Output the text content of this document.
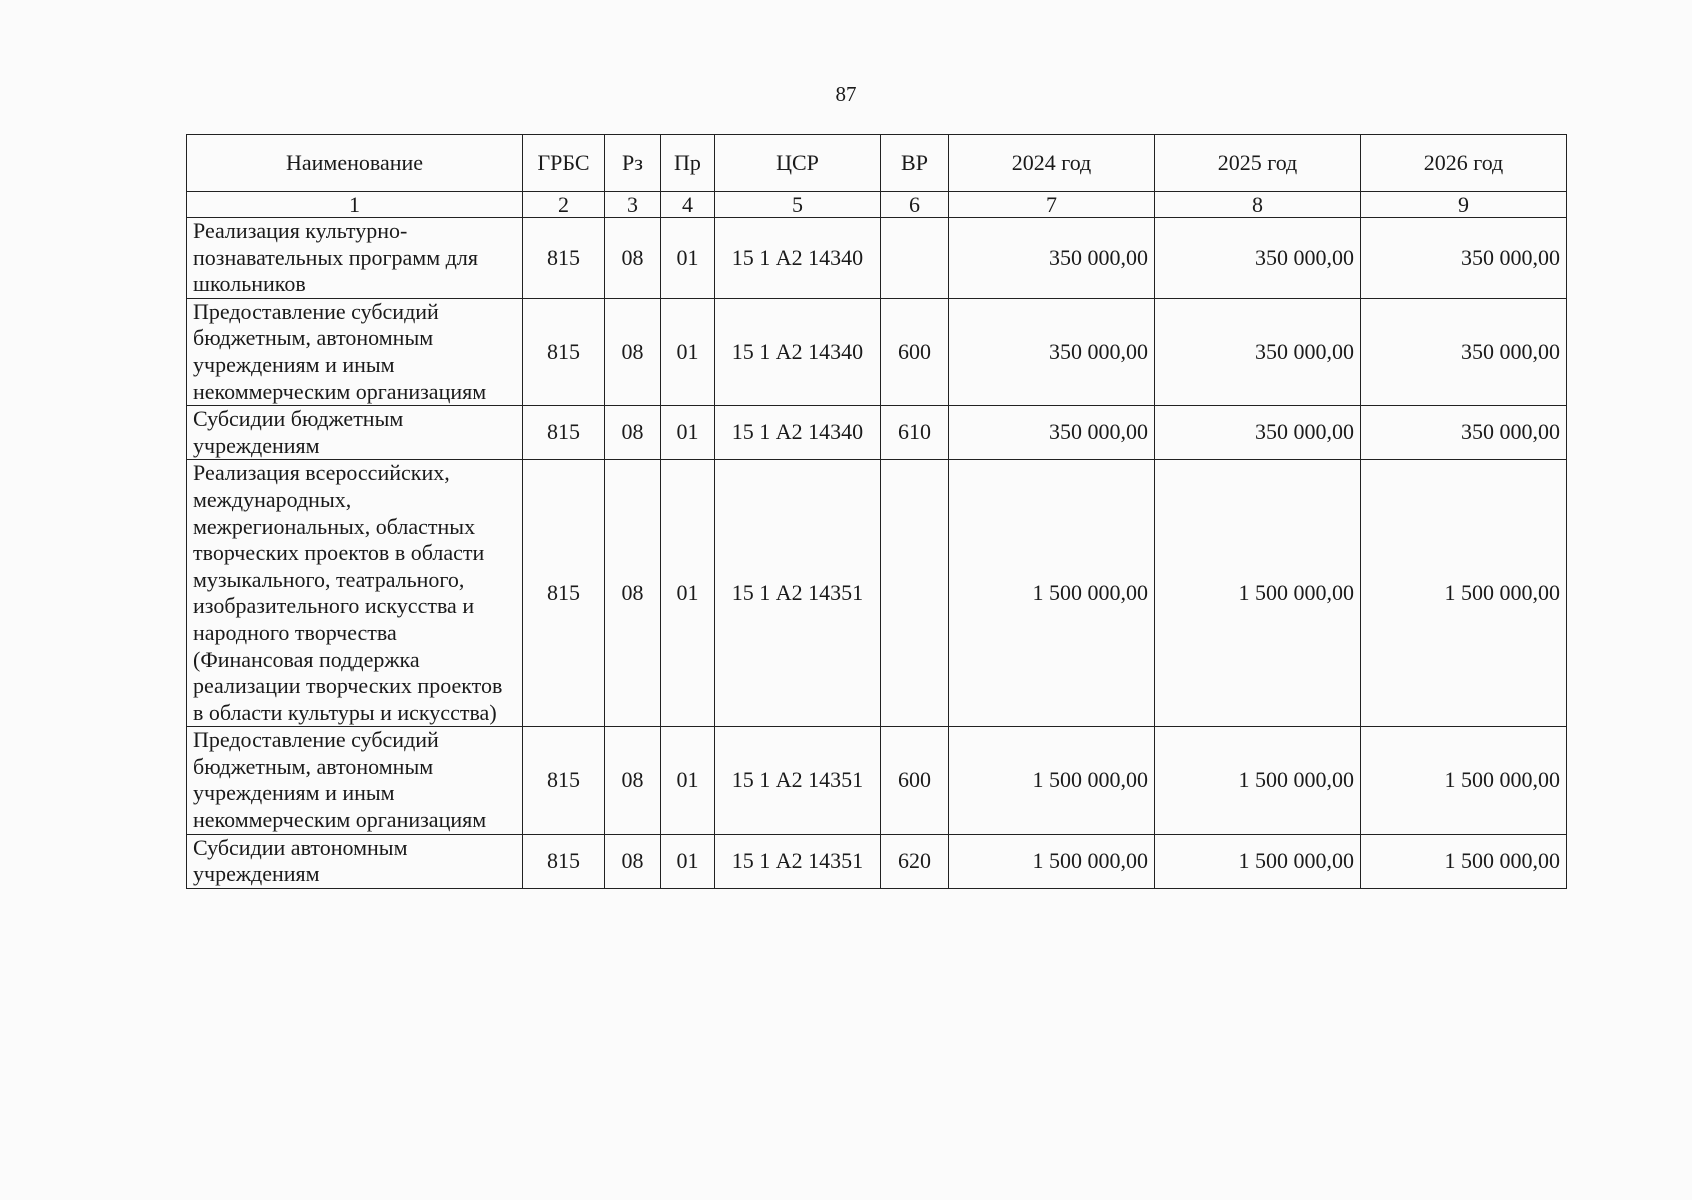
87
Наименование	ГРБС	Рз	Пр	ЦСР	ВР	2024 год	2025 год	2026 год
1	2	3	4	5	6	7	8	9
Реализация культурно-познавательных программ для школьников	815	08	01	15 1 А2 14340		350 000,00	350 000,00	350 000,00
Предоставление субсидий бюджетным, автономным учреждениям и иным некоммерческим организациям	815	08	01	15 1 А2 14340	600	350 000,00	350 000,00	350 000,00
Субсидии бюджетным учреждениям	815	08	01	15 1 А2 14340	610	350 000,00	350 000,00	350 000,00
Реализация всероссийских, международных, межрегиональных, областных творческих проектов в области музыкального, театрального, изобразительного искусства и народного творчества (Финансовая поддержка реализации творческих проектов в области культуры и искусства)	815	08	01	15 1 А2 14351		1 500 000,00	1 500 000,00	1 500 000,00
Предоставление субсидий бюджетным, автономным учреждениям и иным некоммерческим организациям	815	08	01	15 1 А2 14351	600	1 500 000,00	1 500 000,00	1 500 000,00
Субсидии автономным учреждениям	815	08	01	15 1 А2 14351	620	1 500 000,00	1 500 000,00	1 500 000,00
